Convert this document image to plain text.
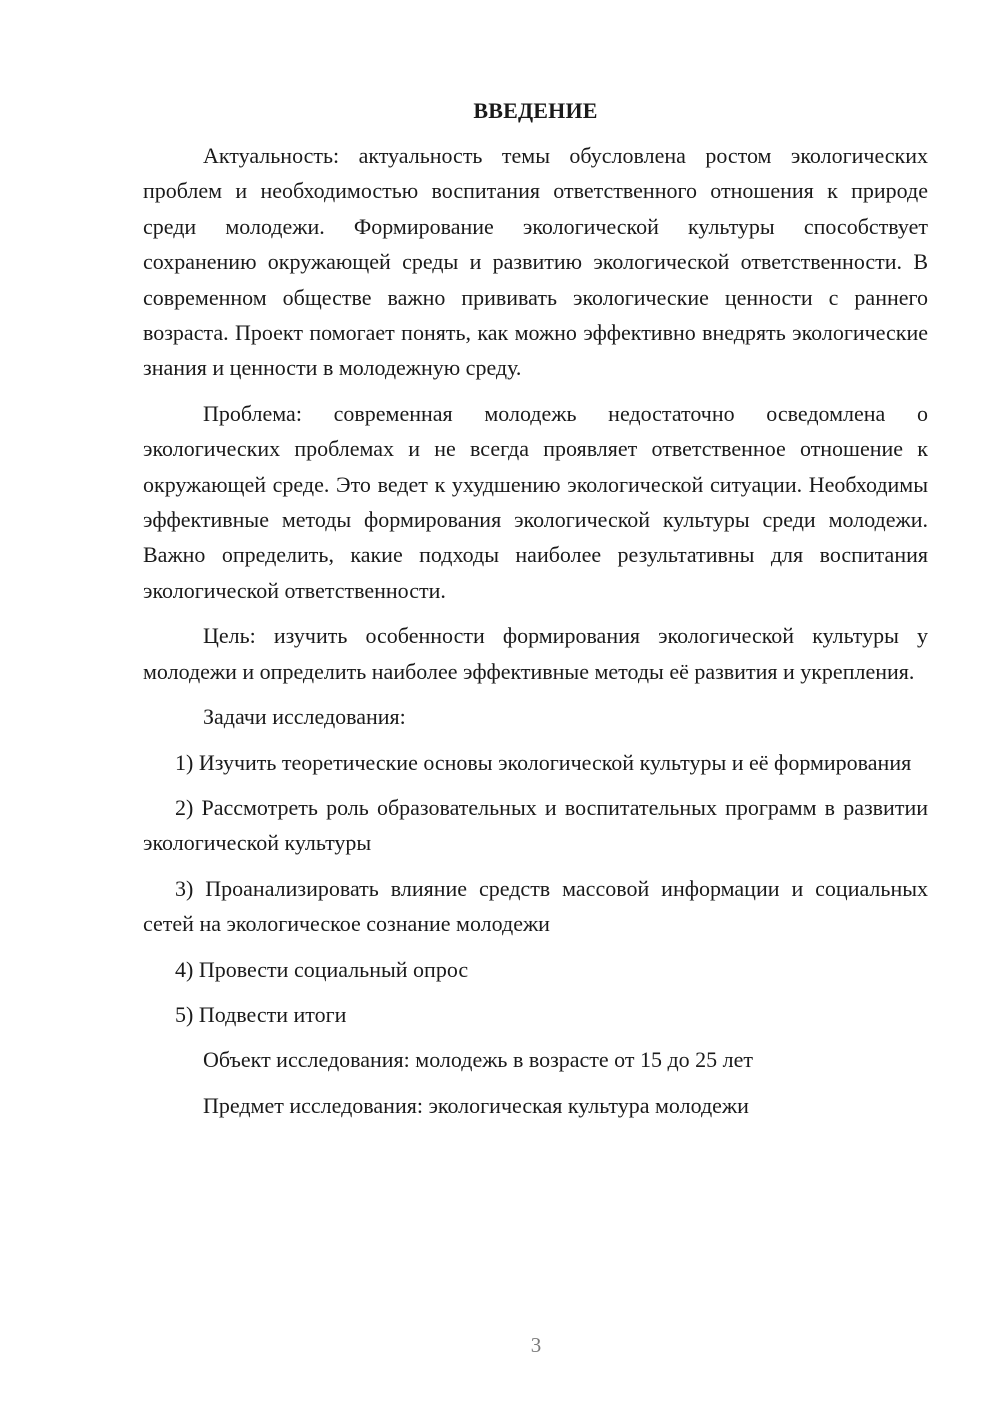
ВВЕДЕНИЕ

Актуальность: актуальность темы обусловлена ростом экологических проблем и необходимостью воспитания ответственного отношения к природе среди молодежи. Формирование экологической культуры способствует сохранению окружающей среды и развитию экологической ответственности. В современном обществе важно прививать экологические ценности с раннего возраста. Проект помогает понять, как можно эффективно внедрять экологические знания и ценности в молодежную среду.

Проблема: современная молодежь недостаточно осведомлена о экологических проблемах и не всегда проявляет ответственное отношение к окружающей среде. Это ведет к ухудшению экологической ситуации. Необходимы эффективные методы формирования экологической культуры среди молодежи. Важно определить, какие подходы наиболее результативны для воспитания экологической ответственности.

Цель: изучить особенности формирования экологической культуры у молодежи и определить наиболее эффективные методы её развития и укрепления.

Задачи исследования:

1) Изучить теоретические основы экологической культуры и её формирования

2) Рассмотреть роль образовательных и воспитательных программ в развитии экологической культуры

3) Проанализировать влияние средств массовой информации и социальных сетей на экологическое сознание молодежи

4) Провести социальный опрос

5) Подвести итоги

Объект исследования: молодежь в возрасте от 15 до 25 лет

Предмет исследования: экологическая культура молодежи

3
